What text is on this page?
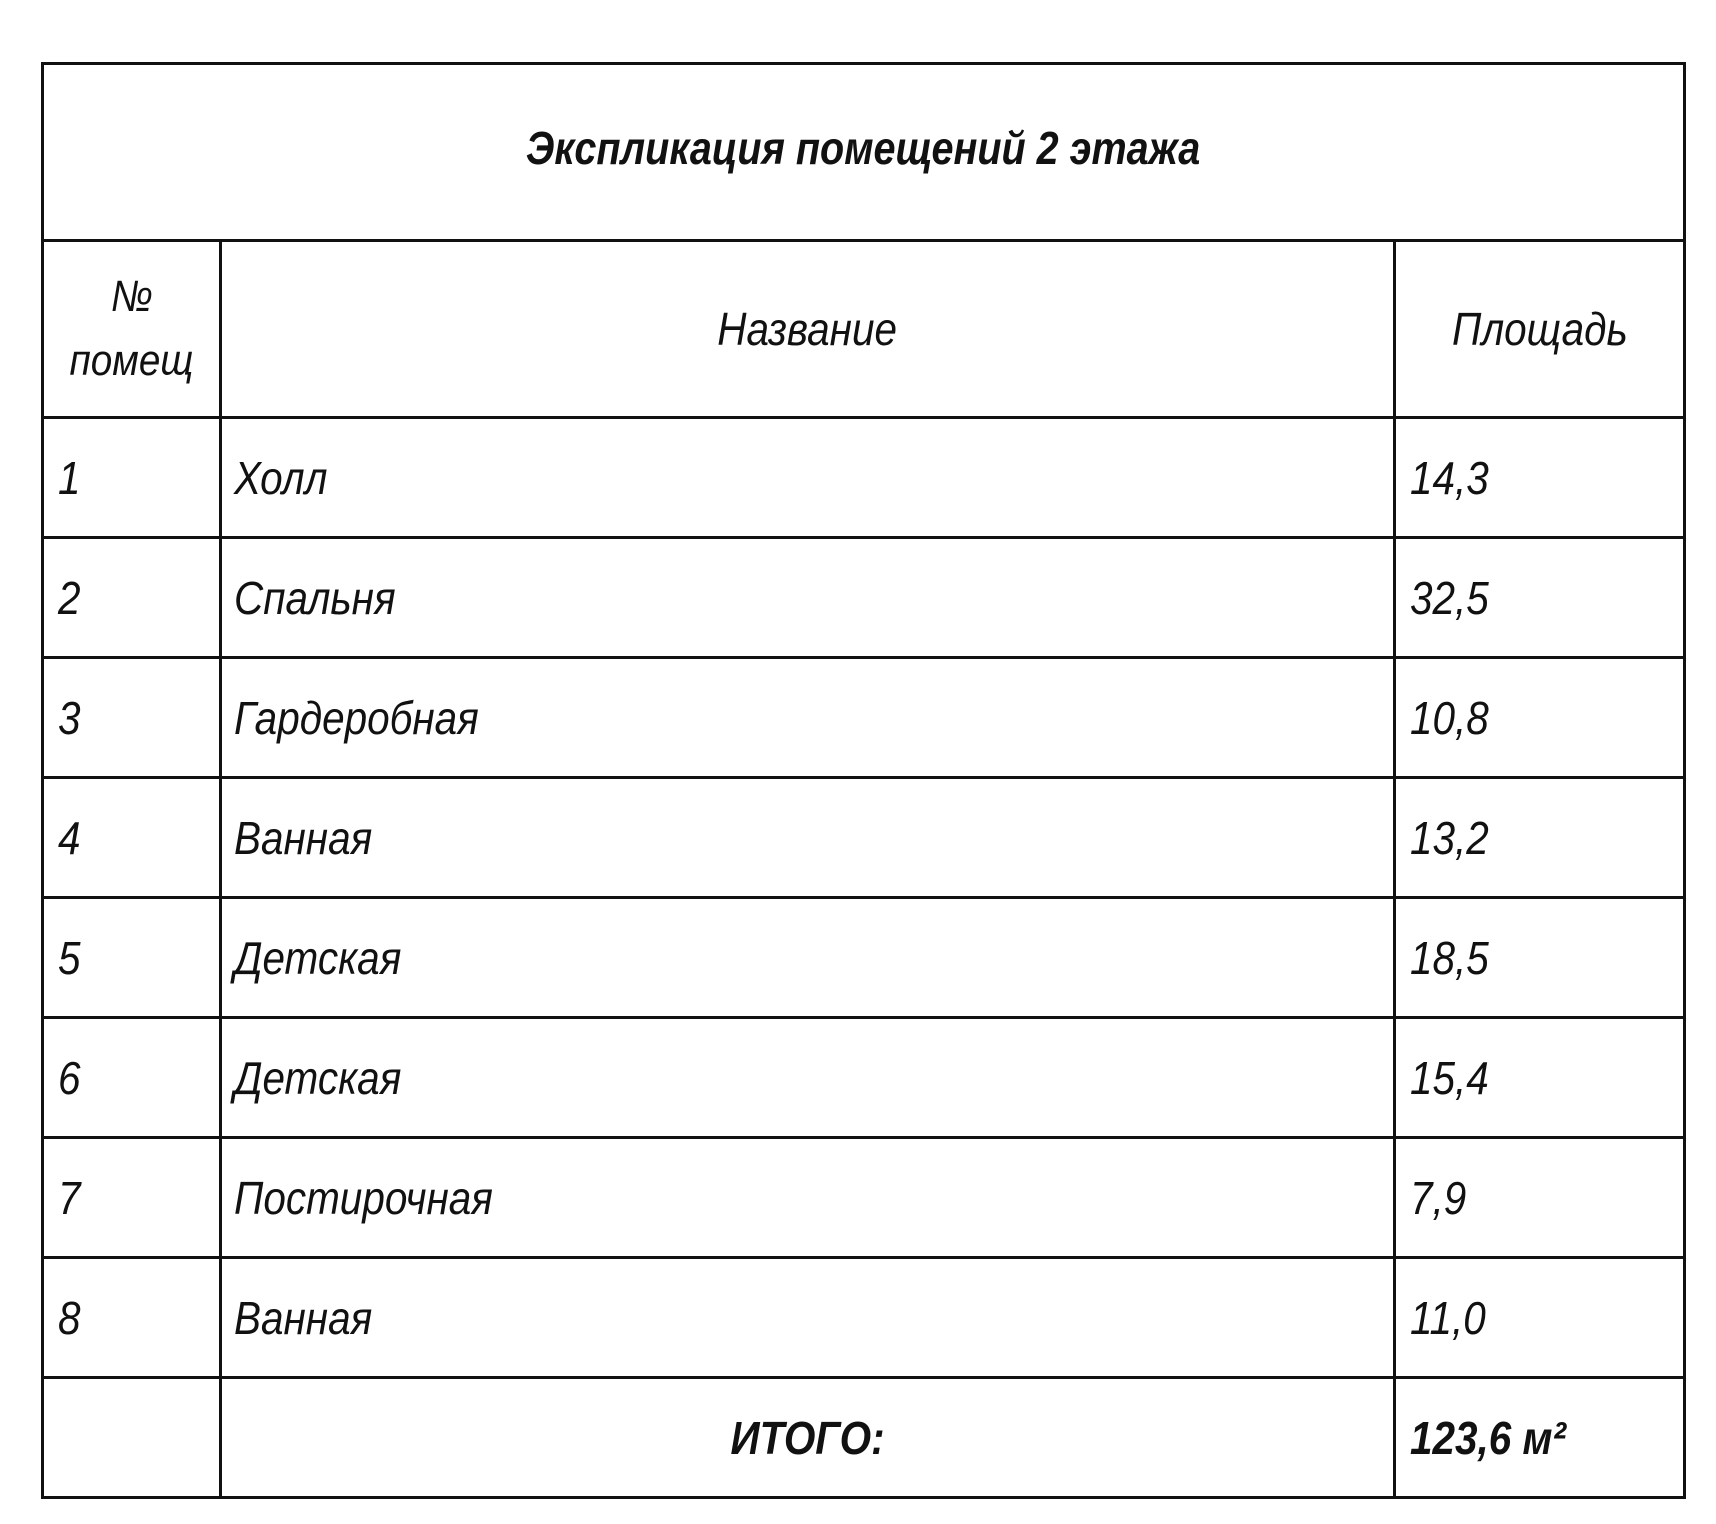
Экспликация помещений 2 этажа		
№
помещ	Название	Площадь
1	Холл	14,3
2	Спальня	32,5
3	Гардеробная	10,8
4	Ванная	13,2
5	Детская	18,5
6	Детская	15,4
7	Постирочная	7,9
8	Ванная	11,0
	ИТОГО:	123,6 м²
